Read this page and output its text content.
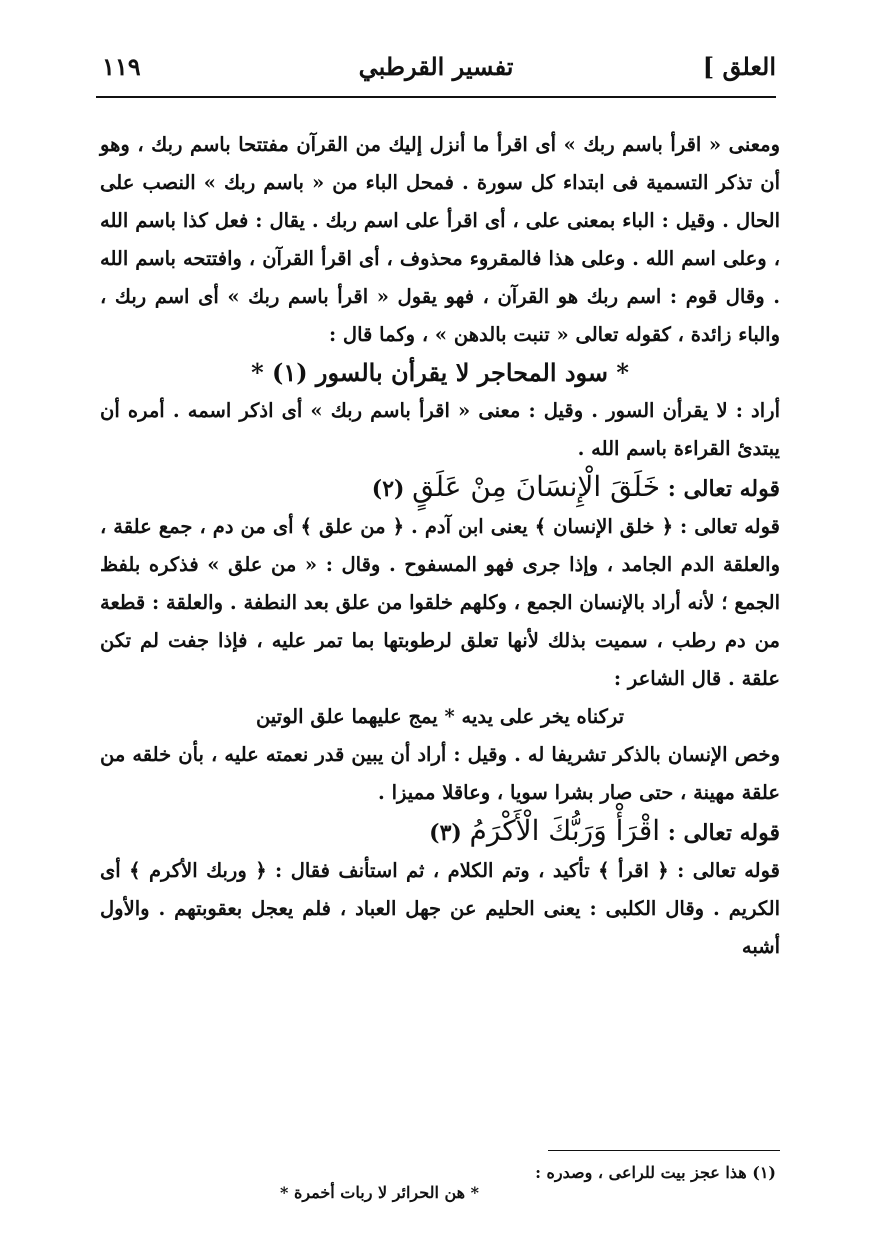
العلق ]
تفسير القرطبي
١١٩

ومعنى « اقرأ باسم ربك » أى اقرأ ما أنزل إليك من القرآن مفتتحا باسم ربك ، وهو أن تذكر التسمية فى ابتداء كل سورة . فمحل الباء من « باسم ربك » النصب على الحال . وقيل : الباء بمعنى على ، أى اقرأ على اسم ربك . يقال : فعل كذا باسم الله ، وعلى اسم الله . وعلى هذا فالمقروء محذوف ، أى اقرأ القرآن ، وافتتحه باسم الله . وقال قوم : اسم ربك هو القرآن ، فهو يقول « اقرأ باسم ربك » أى اسم ربك ، والباء زائدة ، كقوله تعالى « تنبت بالدهن » ، وكما قال :

* سود المحاجر لا يقرأن بالسور (١) *

أراد : لا يقرأن السور . وقيل : معنى « اقرأ باسم ربك » أى اذكر اسمه . أمره أن يبتدئ القراءة باسم الله .

قوله تعالى : خَلَقَ الْإِنسَانَ مِنْ عَلَقٍ (٢)

قوله تعالى : ﴿ خلق الإنسان ﴾ يعنى ابن آدم . ﴿ من علق ﴾ أى من دم ، جمع علقة ، والعلقة الدم الجامد ، وإذا جرى فهو المسفوح . وقال : « من علق » فذكره بلفظ الجمع ؛ لأنه أراد بالإنسان الجمع ، وكلهم خلقوا من علق بعد النطفة . والعلقة : قطعة من دم رطب ، سميت بذلك لأنها تعلق لرطوبتها بما تمر عليه ، فإذا جفت لم تكن علقة . قال الشاعر :

تركناه يخر على يديه * يمج عليهما علق الوتين

وخص الإنسان بالذكر تشريفا له . وقيل : أراد أن يبين قدر نعمته عليه ، بأن خلقه من علقة مهينة ، حتى صار بشرا سويا ، وعاقلا مميزا .

قوله تعالى : اقْرَأْ وَرَبُّكَ الْأَكْرَمُ (٣)

قوله تعالى : ﴿ اقرأ ﴾ تأكيد ، وتم الكلام ، ثم استأنف فقال : ﴿ وربك الأكرم ﴾ أى الكريم . وقال الكلبى : يعنى الحليم عن جهل العباد ، فلم يعجل بعقوبتهم . والأول أشبه

(١) هذا عجز بيت للراعى ، وصدره :
* هن الحرائر لا ربات أخمرة *
